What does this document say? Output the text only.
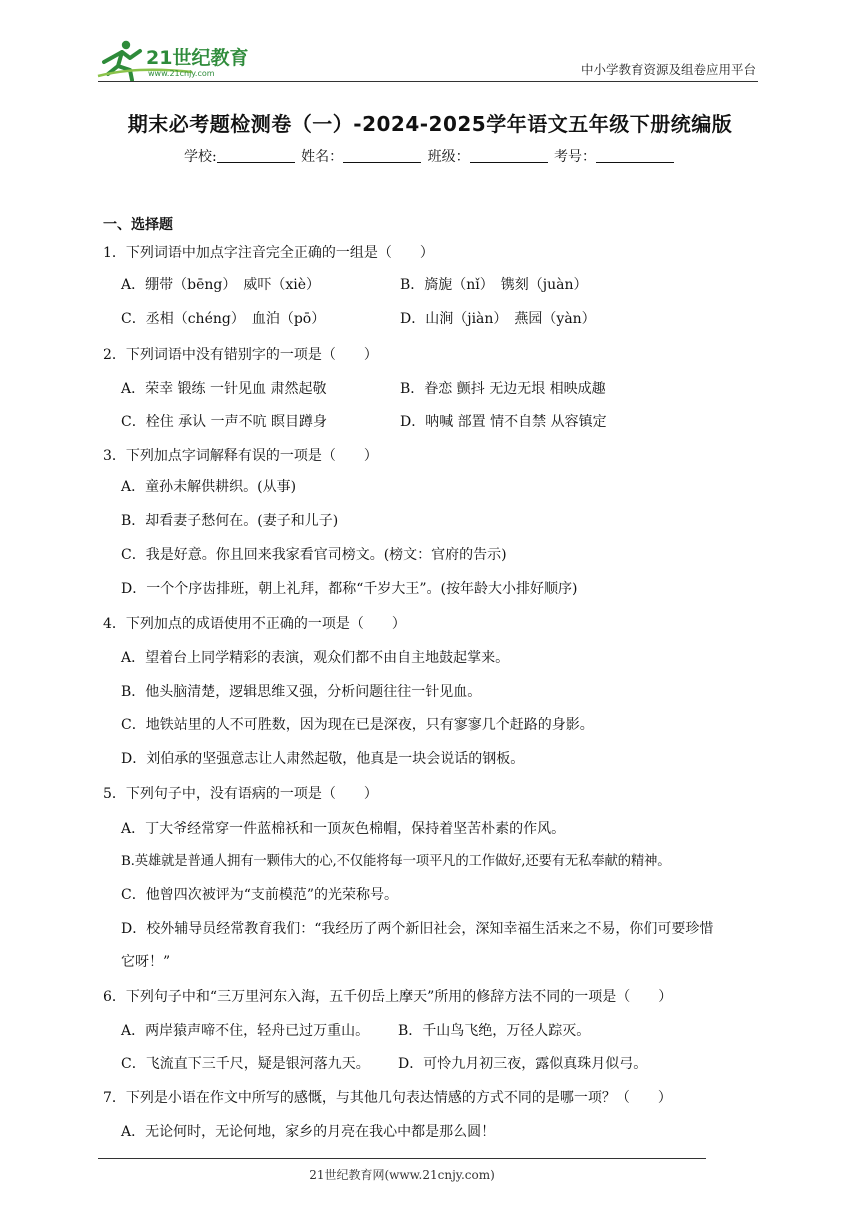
21世纪教育
www.21cnjy.com	中小学教育资源及组卷应用平台
期末必考题检测卷（一）-2024-2025学年语文五年级下册统编版
学校:	姓名：	班级：	考号：
一、选择题
1．下列词语中加点字注音完全正确的一组是（　　）
A．绷带（bēng）　威吓（xiè）	B．旖旎（nǐ）　镌刻（juàn）
C．丞相（chéng）　血泊（pō）	D．山涧（jiàn）　燕园（yàn）
2．下列词语中没有错别字的一项是（　　）
A．荣幸 锻练 一针见血 肃然起敬	B．眷恋 颤抖 无边无垠 相映成趣
C．栓住 承认 一声不吭 瞑目蹲身	D．呐喊 部置 情不自禁 从容镇定
3．下列加点字词解释有误的一项是（　　）
A．童孙未解供耕织。(从事)
B．却看妻子愁何在。(妻子和儿子)
C．我是好意。你且回来我家看官司榜文。(榜文：官府的告示)
D．一个个序齿排班，朝上礼拜，都称“千岁大王”。(按年龄大小排好顺序)
4．下列加点的成语使用不正确的一项是（　　）
A．望着台上同学精彩的表演，观众们都不由自主地鼓起掌来。
B．他头脑清楚，逻辑思维又强，分析问题往往一针见血。
C．地铁站里的人不可胜数，因为现在已是深夜，只有寥寥几个赶路的身影。
D．刘伯承的坚强意志让人肃然起敬，他真是一块会说话的钢板。
5．下列句子中，没有语病的一项是（　　）
A．丁大爷经常穿一件蓝棉袄和一顶灰色棉帽，保持着坚苦朴素的作风。
B.英雄就是普通人拥有一颗伟大的心,不仅能将每一项平凡的工作做好,还要有无私奉献的精神。
C．他曾四次被评为“支前模范”的光荣称号。
D．校外辅导员经常教育我们：“我经历了两个新旧社会，深知幸福生活来之不易，你们可要珍惜
它呀！”
6．下列句子中和“三万里河东入海，五千仞岳上摩天”所用的修辞方法不同的一项是（　　）
A．两岸猿声啼不住，轻舟已过万重山。 B．千山鸟飞绝，万径人踪灭。
C．飞流直下三千尺，疑是银河落九天。 D．可怜九月初三夜，露似真珠月似弓。
7．下列是小语在作文中所写的感慨，与其他几句表达情感的方式不同的是哪一项？（　　）
A．无论何时，无论何地，家乡的月亮在我心中都是那么圆！
21世纪教育网(www.21cnjy.com)
